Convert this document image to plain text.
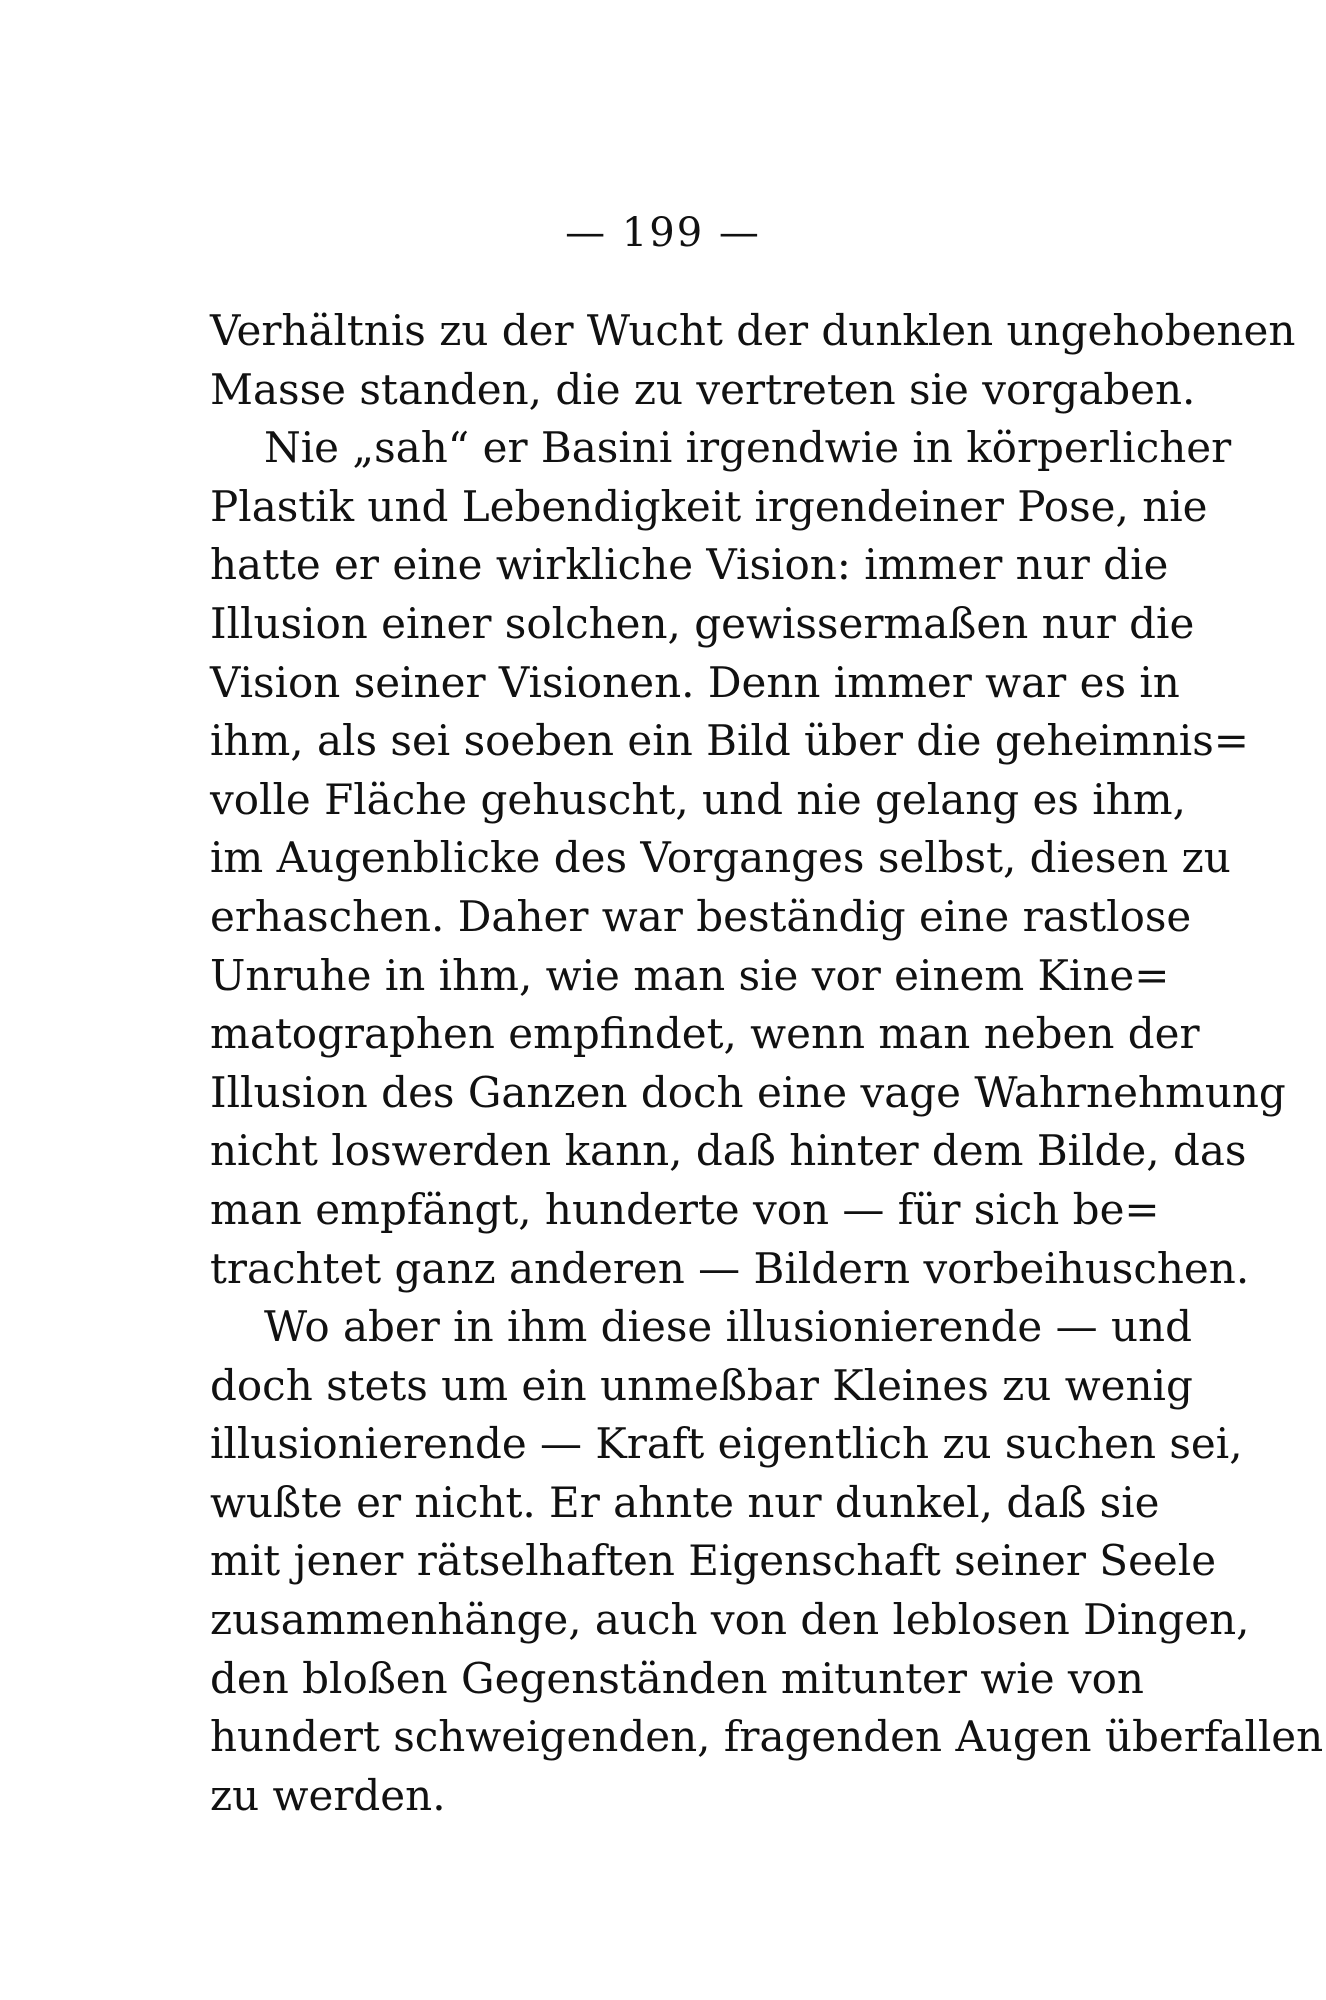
— 199 —
Verhältnis zu der Wucht der dunklen ungehobenen
Masse standen, die zu vertreten sie vorgaben.
Nie „sah“ er Basini irgendwie in körperlicher
Plastik und Lebendigkeit irgendeiner Pose, nie
hatte er eine wirkliche Vision: immer nur die
Illusion einer solchen, gewissermaßen nur die
Vision seiner Visionen. Denn immer war es in
ihm, als sei soeben ein Bild über die geheimnis=
volle Fläche gehuscht, und nie gelang es ihm,
im Augenblicke des Vorganges selbst, diesen zu
erhaschen. Daher war beständig eine rastlose
Unruhe in ihm, wie man sie vor einem Kine=
matographen empfindet, wenn man neben der
Illusion des Ganzen doch eine vage Wahrnehmung
nicht loswerden kann, daß hinter dem Bilde, das
man empfängt, hunderte von — für sich be=
trachtet ganz anderen — Bildern vorbeihuschen.
Wo aber in ihm diese illusionierende — und
doch stets um ein unmeßbar Kleines zu wenig
illusionierende — Kraft eigentlich zu suchen sei,
wußte er nicht. Er ahnte nur dunkel, daß sie
mit jener rätselhaften Eigenschaft seiner Seele
zusammenhänge, auch von den leblosen Dingen,
den bloßen Gegenständen mitunter wie von
hundert schweigenden, fragenden Augen überfallen
zu werden.
